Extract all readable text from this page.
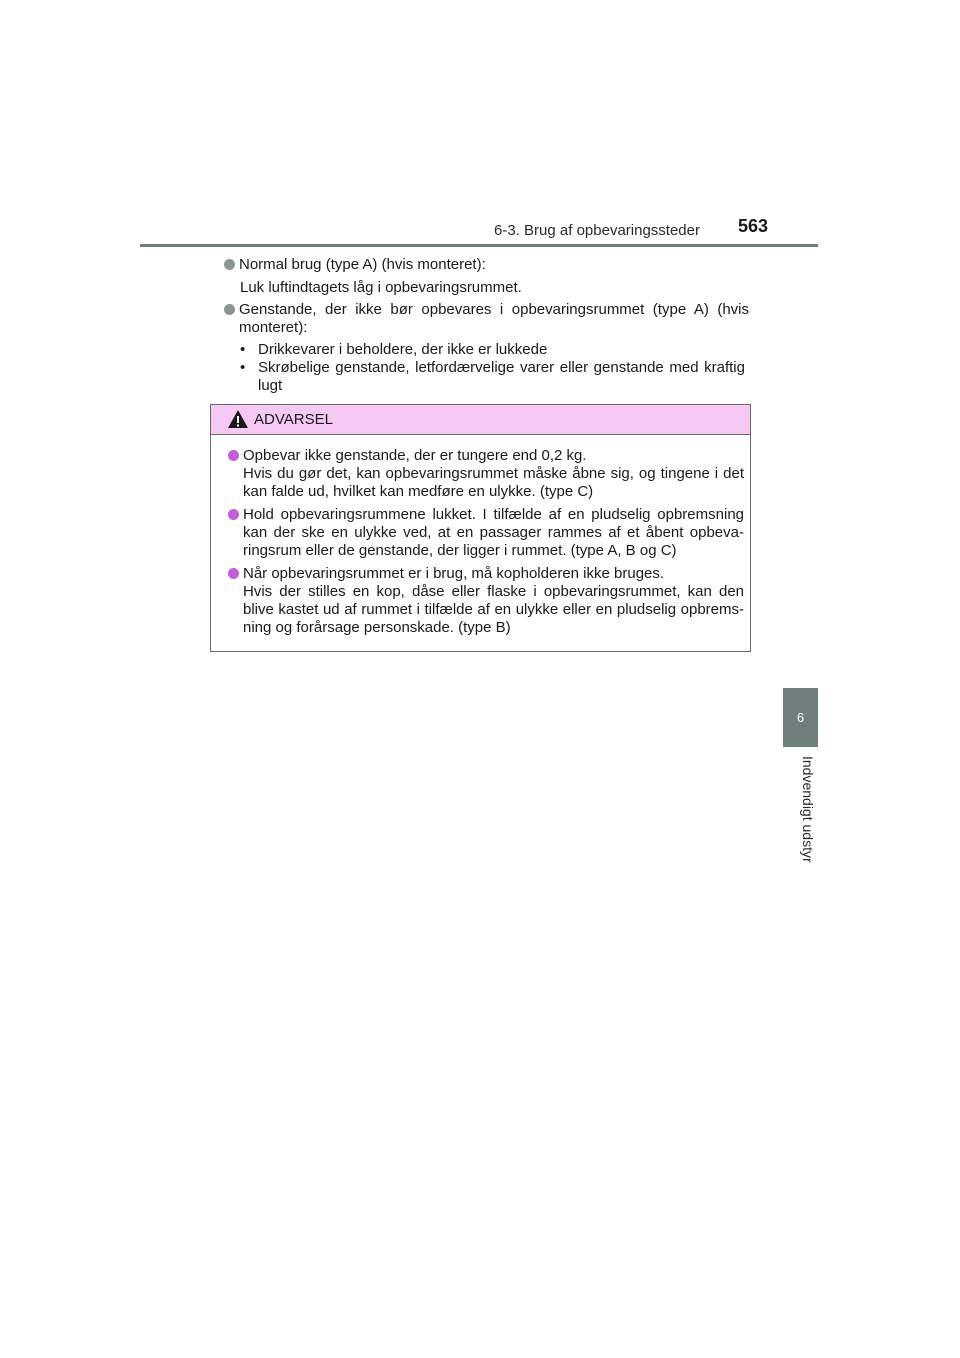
6-3. Brug af opbevaringssteder 563
6
Indvendigt udstyr
Normal brug (type A) (hvis monteret):
Luk luftindtagets låg i opbevaringsrummet.
Genstande, der ikke bør opbevares i opbevaringsrummet (type A) (hvis monteret):
• Drikkevarer i beholdere, der ikke er lukkede
• Skrøbelige genstande, letfordærvelige varer eller genstande med kraftig lugt
ADVARSEL
Opbevar ikke genstande, der er tungere end 0,2 kg.
Hvis du gør det, kan opbevaringsrummet måske åbne sig, og tingene i det kan falde ud, hvilket kan medføre en ulykke. (type C)
Hold opbevaringsrummene lukket. I tilfælde af en pludselig opbremsning kan der ske en ulykke ved, at en passager rammes af et åbent opbeva-ringsrum eller de genstande, der ligger i rummet. (type A, B og C)
Når opbevaringsrummet er i brug, må kopholderen ikke bruges.
Hvis der stilles en kop, dåse eller flaske i opbevaringsrummet, kan den blive kastet ud af rummet i tilfælde af en ulykke eller en pludselig opbrems-ning og forårsage personskade. (type B)
